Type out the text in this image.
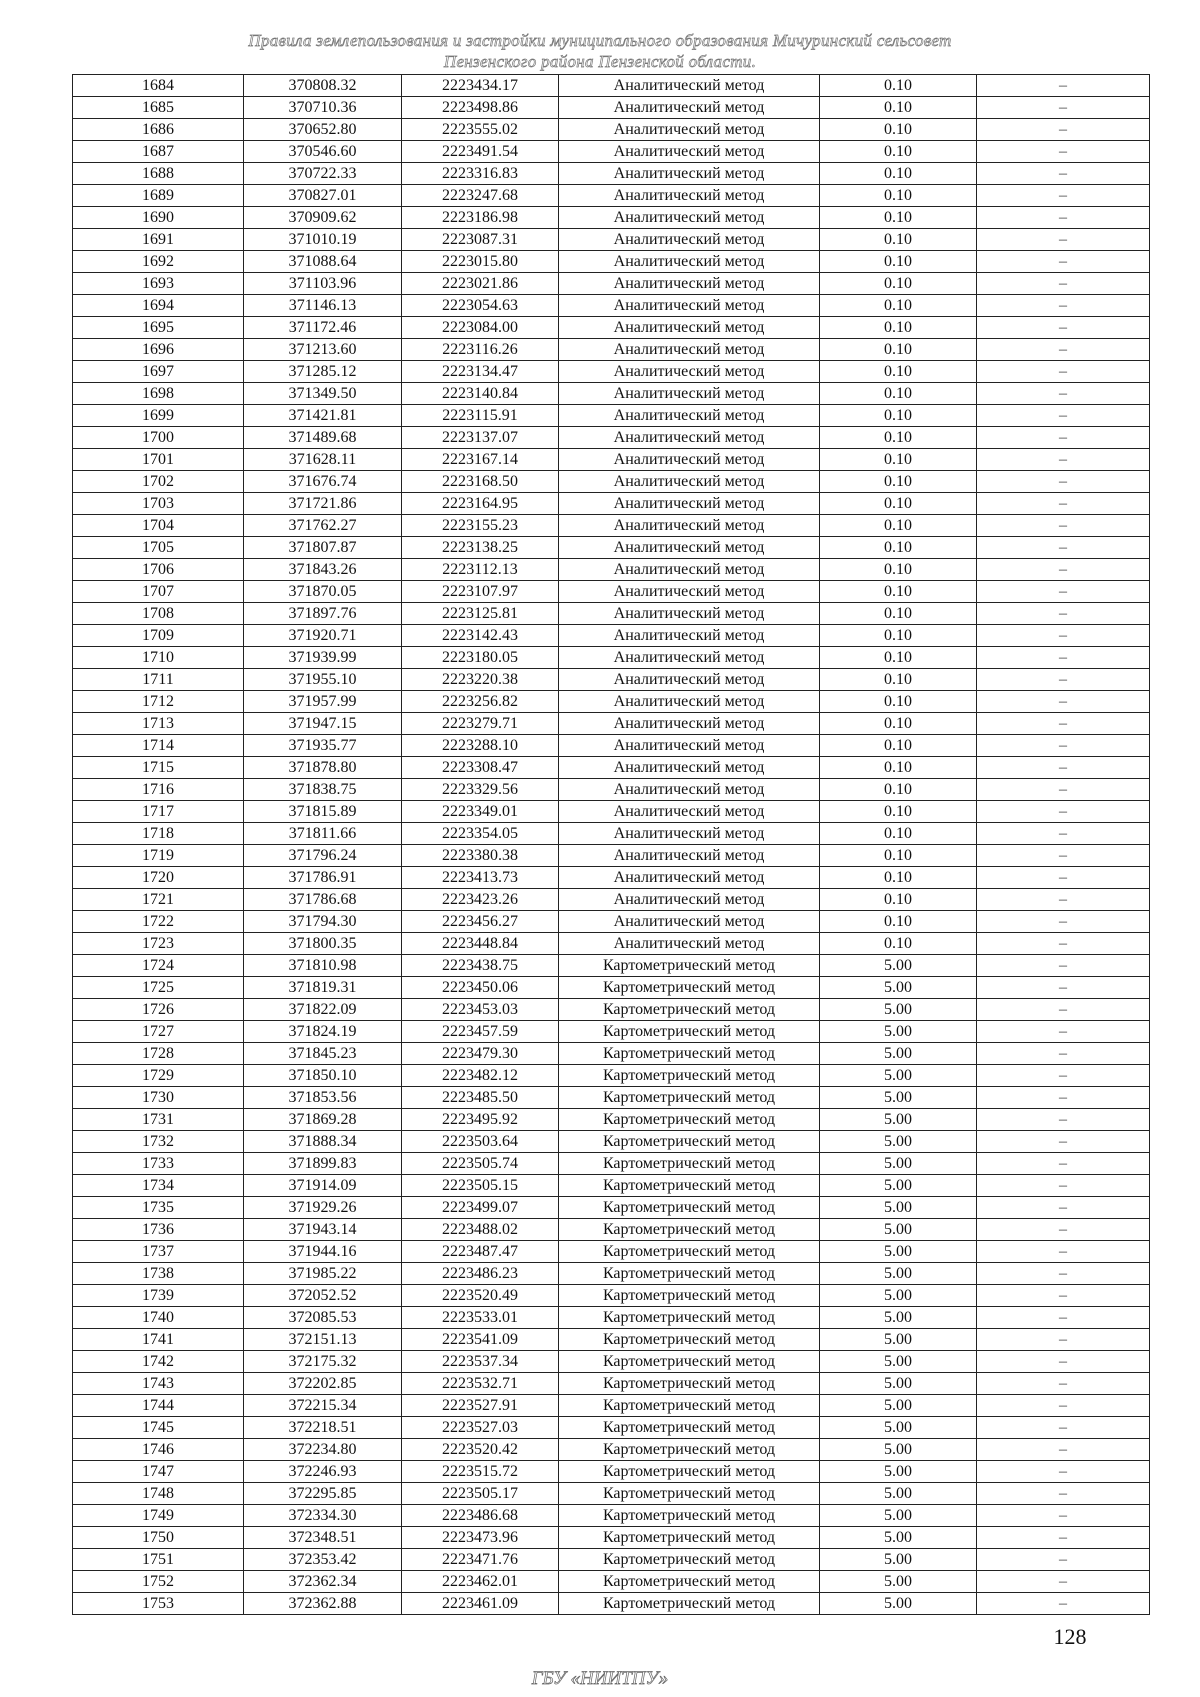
Правила землепользования и застройки муниципального образования Мичуринский сельсовет
Пензенского района Пензенской области.
1684	370808.32	2223434.17	Аналитический метод	0.10	–
1685	370710.36	2223498.86	Аналитический метод	0.10	–
1686	370652.80	2223555.02	Аналитический метод	0.10	–
1687	370546.60	2223491.54	Аналитический метод	0.10	–
1688	370722.33	2223316.83	Аналитический метод	0.10	–
1689	370827.01	2223247.68	Аналитический метод	0.10	–
1690	370909.62	2223186.98	Аналитический метод	0.10	–
1691	371010.19	2223087.31	Аналитический метод	0.10	–
1692	371088.64	2223015.80	Аналитический метод	0.10	–
1693	371103.96	2223021.86	Аналитический метод	0.10	–
1694	371146.13	2223054.63	Аналитический метод	0.10	–
1695	371172.46	2223084.00	Аналитический метод	0.10	–
1696	371213.60	2223116.26	Аналитический метод	0.10	–
1697	371285.12	2223134.47	Аналитический метод	0.10	–
1698	371349.50	2223140.84	Аналитический метод	0.10	–
1699	371421.81	2223115.91	Аналитический метод	0.10	–
1700	371489.68	2223137.07	Аналитический метод	0.10	–
1701	371628.11	2223167.14	Аналитический метод	0.10	–
1702	371676.74	2223168.50	Аналитический метод	0.10	–
1703	371721.86	2223164.95	Аналитический метод	0.10	–
1704	371762.27	2223155.23	Аналитический метод	0.10	–
1705	371807.87	2223138.25	Аналитический метод	0.10	–
1706	371843.26	2223112.13	Аналитический метод	0.10	–
1707	371870.05	2223107.97	Аналитический метод	0.10	–
1708	371897.76	2223125.81	Аналитический метод	0.10	–
1709	371920.71	2223142.43	Аналитический метод	0.10	–
1710	371939.99	2223180.05	Аналитический метод	0.10	–
1711	371955.10	2223220.38	Аналитический метод	0.10	–
1712	371957.99	2223256.82	Аналитический метод	0.10	–
1713	371947.15	2223279.71	Аналитический метод	0.10	–
1714	371935.77	2223288.10	Аналитический метод	0.10	–
1715	371878.80	2223308.47	Аналитический метод	0.10	–
1716	371838.75	2223329.56	Аналитический метод	0.10	–
1717	371815.89	2223349.01	Аналитический метод	0.10	–
1718	371811.66	2223354.05	Аналитический метод	0.10	–
1719	371796.24	2223380.38	Аналитический метод	0.10	–
1720	371786.91	2223413.73	Аналитический метод	0.10	–
1721	371786.68	2223423.26	Аналитический метод	0.10	–
1722	371794.30	2223456.27	Аналитический метод	0.10	–
1723	371800.35	2223448.84	Аналитический метод	0.10	–
1724	371810.98	2223438.75	Картометрический метод	5.00	–
1725	371819.31	2223450.06	Картометрический метод	5.00	–
1726	371822.09	2223453.03	Картометрический метод	5.00	–
1727	371824.19	2223457.59	Картометрический метод	5.00	–
1728	371845.23	2223479.30	Картометрический метод	5.00	–
1729	371850.10	2223482.12	Картометрический метод	5.00	–
1730	371853.56	2223485.50	Картометрический метод	5.00	–
1731	371869.28	2223495.92	Картометрический метод	5.00	–
1732	371888.34	2223503.64	Картометрический метод	5.00	–
1733	371899.83	2223505.74	Картометрический метод	5.00	–
1734	371914.09	2223505.15	Картометрический метод	5.00	–
1735	371929.26	2223499.07	Картометрический метод	5.00	–
1736	371943.14	2223488.02	Картометрический метод	5.00	–
1737	371944.16	2223487.47	Картометрический метод	5.00	–
1738	371985.22	2223486.23	Картометрический метод	5.00	–
1739	372052.52	2223520.49	Картометрический метод	5.00	–
1740	372085.53	2223533.01	Картометрический метод	5.00	–
1741	372151.13	2223541.09	Картометрический метод	5.00	–
1742	372175.32	2223537.34	Картометрический метод	5.00	–
1743	372202.85	2223532.71	Картометрический метод	5.00	–
1744	372215.34	2223527.91	Картометрический метод	5.00	–
1745	372218.51	2223527.03	Картометрический метод	5.00	–
1746	372234.80	2223520.42	Картометрический метод	5.00	–
1747	372246.93	2223515.72	Картометрический метод	5.00	–
1748	372295.85	2223505.17	Картометрический метод	5.00	–
1749	372334.30	2223486.68	Картометрический метод	5.00	–
1750	372348.51	2223473.96	Картометрический метод	5.00	–
1751	372353.42	2223471.76	Картометрический метод	5.00	–
1752	372362.34	2223462.01	Картометрический метод	5.00	–
1753	372362.88	2223461.09	Картометрический метод	5.00	–
128
ГБУ «НИИТПУ»
